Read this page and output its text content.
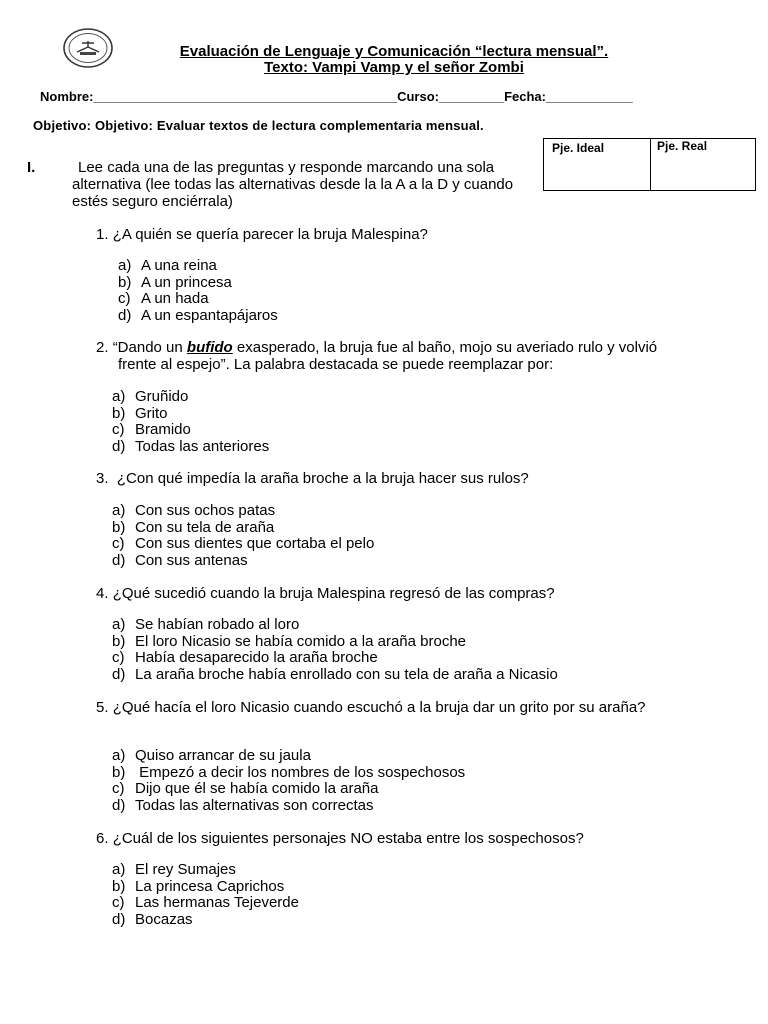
Evaluación de Lenguaje y Comunicación “lectura mensual”.
Texto: Vampi Vamp y el señor Zombi
Nombre:__________________________________________Curso:_________Fecha:____________
Objetivo: Objetivo: Evaluar textos de lectura complementaria mensual.
Pje. Ideal	Pje. Real
I.	Lee cada una de las preguntas y responde marcando una sola alternativa (lee todas las alternativas desde la la A a la D y cuando estés seguro enciérrala)
1. ¿A quién se quería parecer la bruja Malespina?
a) A una reina
b) A un princesa
c) A un hada
d) A un espantapájaros
2. “Dando un bufido exasperado, la bruja fue al baño, mojo su averiado rulo y volvió frente al espejo”. La palabra destacada se puede reemplazar por:
a) Gruñido
b) Grito
c) Bramido
d) Todas las anteriores
3. ¿Con qué impedía la araña broche a la bruja hacer sus rulos?
a) Con sus ochos patas
b) Con su tela de araña
c) Con sus dientes que cortaba el pelo
d) Con sus antenas
4. ¿Qué sucedió cuando la bruja Malespina regresó de las compras?
a) Se habían robado al loro
b) El loro Nicasio se había comido a la araña broche
c) Había desaparecido la araña broche
d) La araña broche había enrollado con su tela de araña a Nicasio
5. ¿Qué hacía el loro Nicasio cuando escuchó a la bruja dar un grito por su araña?
a) Quiso arrancar de su jaula
b) Empezó a decir los nombres de los sospechosos
c) Dijo que él se había comido la araña
d) Todas las alternativas son correctas
6. ¿Cuál de los siguientes personajes NO estaba entre los sospechosos?
a) El rey Sumajes
b) La princesa Caprichos
c) Las hermanas Tejeverde
d) Bocazas
